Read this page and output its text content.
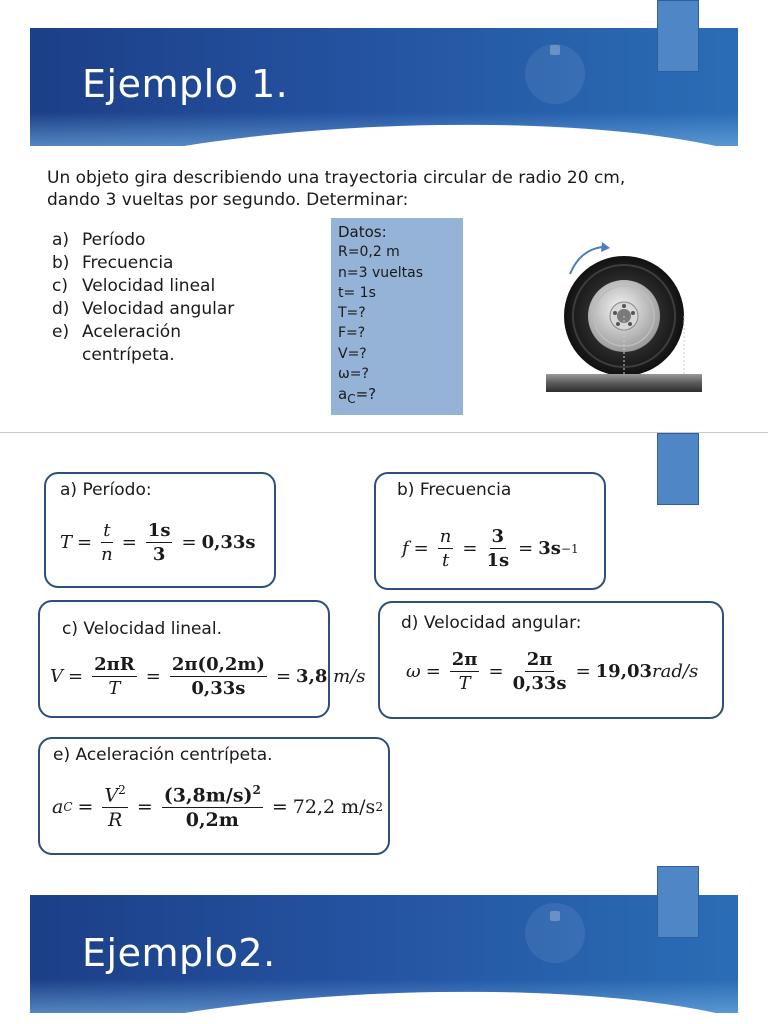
Ejemplo 1.
Un objeto gira describiendo una trayectoria circular de radio 20 cm,
dando 3 vueltas por segundo. Determinar:
a) Período
b) Frecuencia
c) Velocidad lineal
d) Velocidad angular
e) Aceleración
centrípeta.
Datos:
R=0,2 m
n=3 vueltas
t= 1s
T=?
F=?
V=?
ω=?
$a_C=$?
a) Período:
$T = \frac{t}{n} = \frac{1s}{3} = 0,33s$
b) Frecuencia
$f = \frac{n}{t} = \frac{3}{1s} = 3s -1$
c) Velocidad lineal.
$V = \frac{2\pi R}{T} = \frac{2\pi(0,2m)}{0,33s} = 3,8$
m/s
d) Velocidad angular:
$\omega = \frac{2\pi}{T} = \frac{2\pi}{0,33s} = 19,03$ rad/s
e) Aceleración centrípeta.
a $C = \frac{V^2}{R} = \frac{(3,8m/s)^2}{0,2m} = 72,2$ m/s 2
Ejemplo2.
